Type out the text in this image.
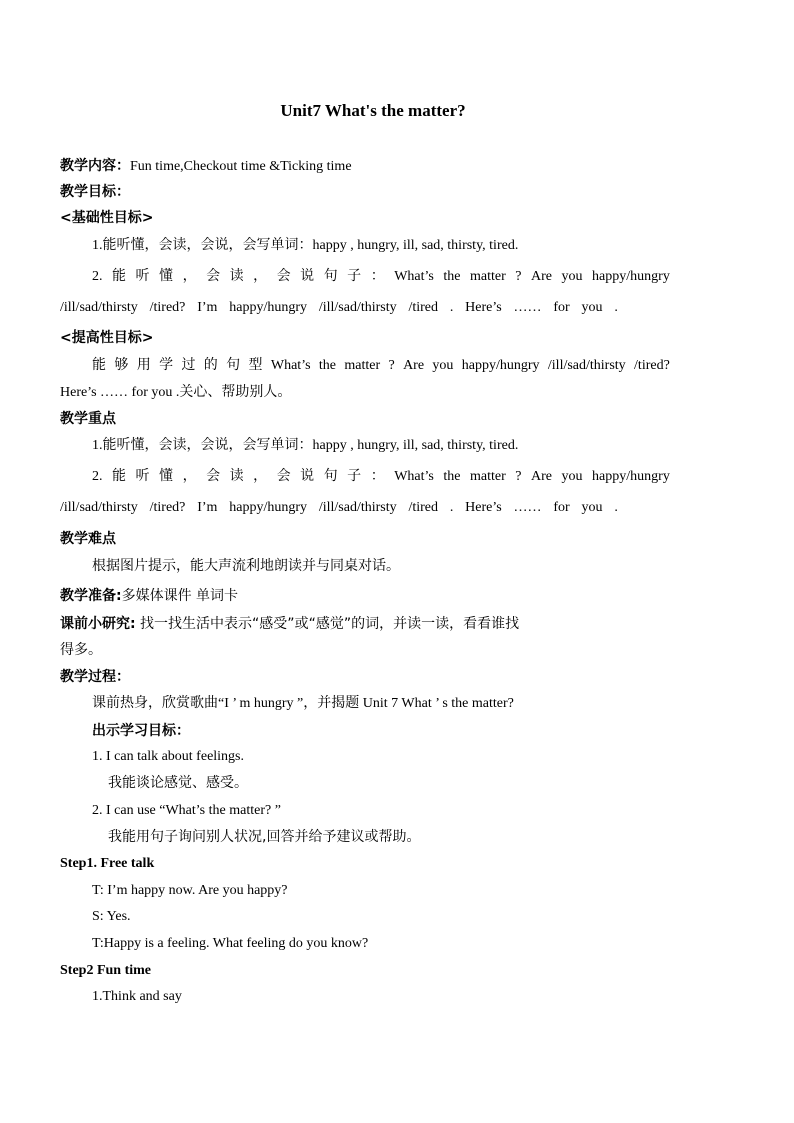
Unit7 What's the matter?
教学内容：Fun time,Checkout time &Ticking time
教学目标：
<基础性目标>
1.能听懂，会读，会说，会写单词：happy , hungry, ill, sad, thirsty, tired.
2. 能 听 懂 ， 会 读 ， 会 说 句 子 ： What’s the matter ? Are you happy/hungry
/ill/sad/thirsty /tired? I’m happy/hungry /ill/sad/thirsty /tired . Here’s …… for you .
<提高性目标>
能 够 用 学 过 的 句 型 What’s the matter ? Are you happy/hungry /ill/sad/thirsty /tired?
Here’s …… for you .关心、帮助别人。
教学重点
1.能听懂，会读，会说，会写单词：happy , hungry, ill, sad, thirsty, tired.
2. 能 听 懂 ， 会 读 ， 会 说 句 子 ： What’s the matter ? Are you happy/hungry
/ill/sad/thirsty /tired? I’m happy/hungry /ill/sad/thirsty /tired . Here’s …… for you .
教学难点
根据图片提示，能大声流利地朗读并与同桌对话。
教学准备:多媒体课件 单词卡
课前小研究: 找一找生活中表示“感受”或“感觉”的词，并读一读，看看谁找
得多。
教学过程：
课前热身，欣赏歌曲“I ’ m hungry ”，并揭题 Unit 7 What ’ s the matter?
出示学习目标：
1. I can talk about feelings.
我能谈论感觉、感受。
2. I can use “What’s the matter? ”
我能用句子询问别人状况,回答并给予建议或帮助。
Step1. Free talk
T: I’m happy now. Are you happy?
S: Yes.
T:Happy is a feeling. What feeling do you know?
Step2 Fun time
1.Think and say
